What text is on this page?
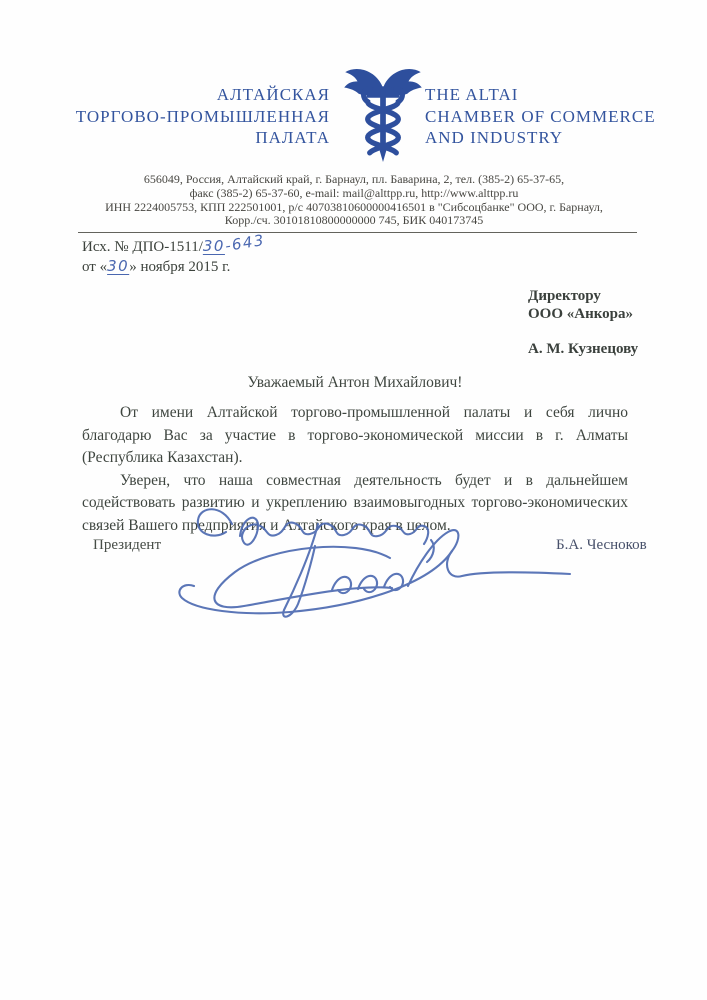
АЛТАЙСКАЯ
ТОРГОВО-ПРОМЫШЛЕННАЯ
ПАЛАТА
THE ALTAI
CHAMBER OF COMMERCE
AND INDUSTRY
656049, Россия, Алтайский край, г. Барнаул, пл. Баварина, 2, тел. (385-2) 65-37-65,
факс (385-2) 65-37-60, e-mail: mail@alttpp.ru, http://www.alttpp.ru
ИНН 2224005753, КПП 222501001, р/с 40703810600000416501 в "Сибсоцбанке" ООО, г. Барнаул,
Корр./сч. 30101810800000000 745, БИК 040173745
Исх. № ДПО-1511/30-643
от «30» ноября 2015 г.
Директору
ООО «Анкора»
А. М. Кузнецову
Уважаемый Антон Михайлович!

От имени Алтайской торгово-промышленной палаты и себя лично благодарю Вас за участие в торгово-экономической миссии в г. Алматы (Республика Казахстан).

Уверен, что наша совместная деятельность будет и в дальнейшем содействовать развитию и укреплению взаимовыгодных торгово-экономических связей Вашего предприятия и Алтайского края в целом.

Президент	Б.А. Чесноков
